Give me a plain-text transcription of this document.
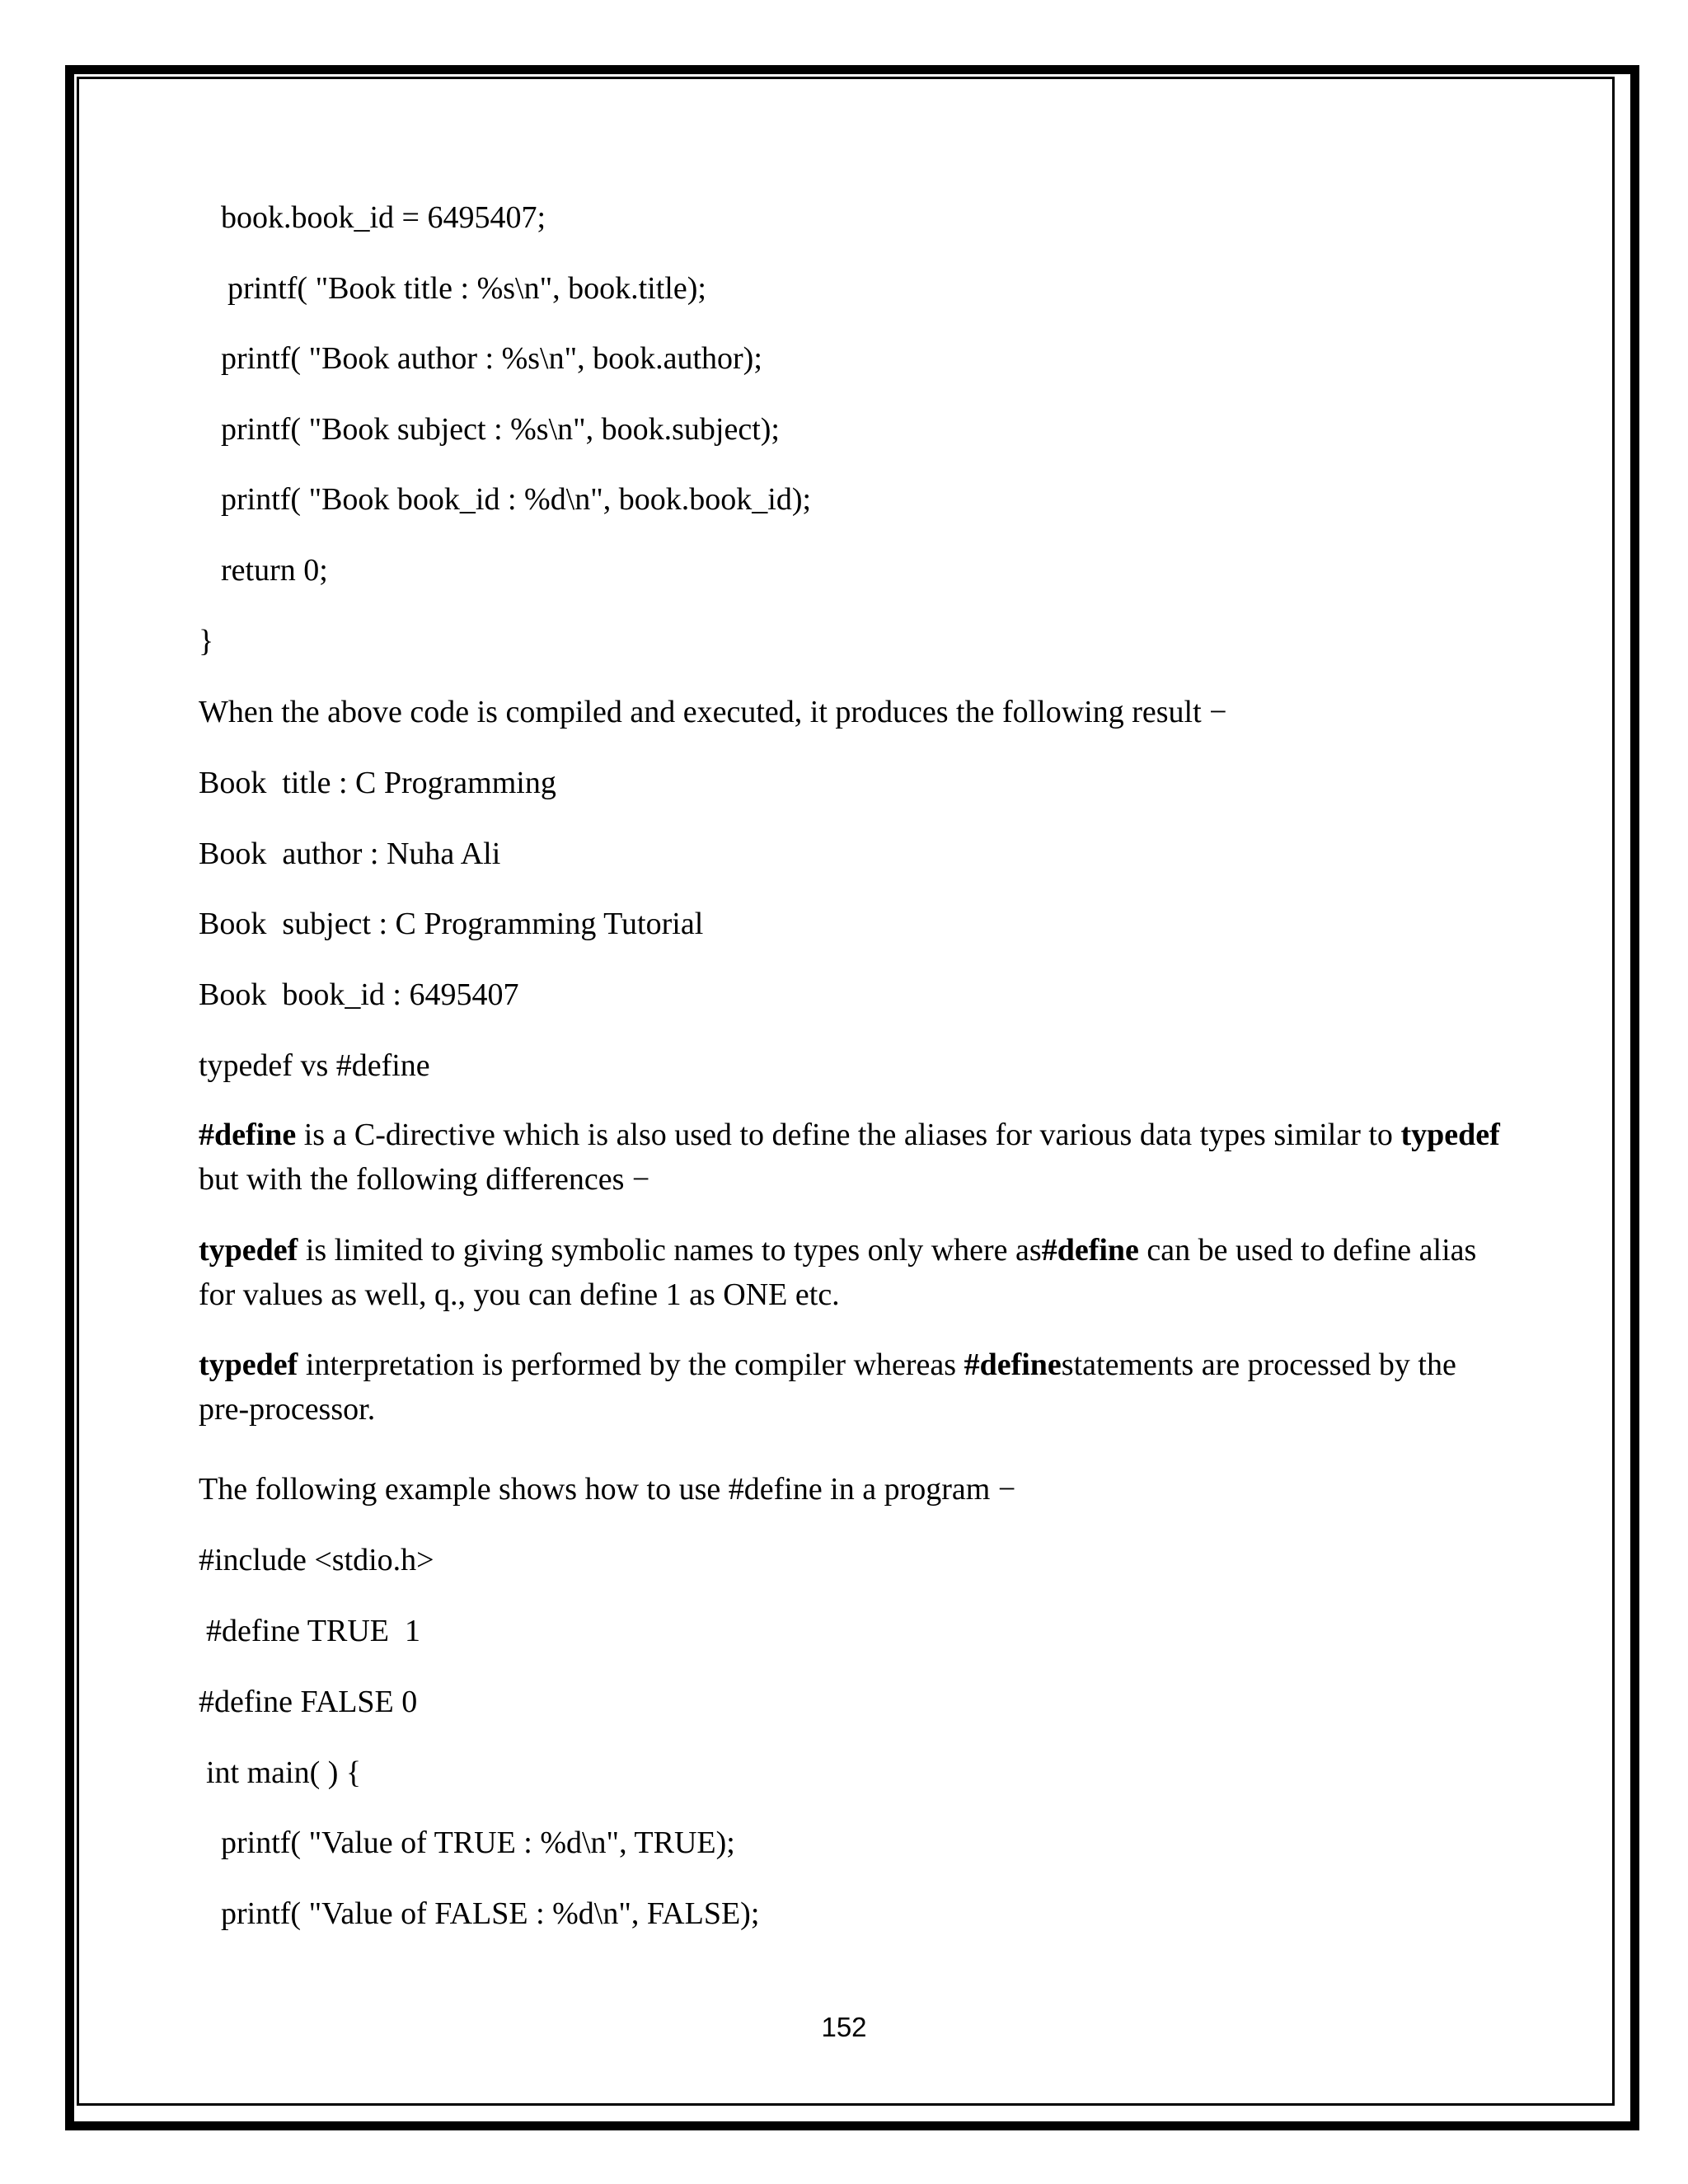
book.book_id = 6495407;
printf( "Book title : %s\n", book.title);
printf( "Book author : %s\n", book.author);
printf( "Book subject : %s\n", book.subject);
printf( "Book book_id : %d\n", book.book_id);
return 0;
}
When the above code is compiled and executed, it produces the following result −
Book  title : C Programming
Book  author : Nuha Ali
Book  subject : C Programming Tutorial
Book  book_id : 6495407
typedef vs #define
#define is a C-directive which is also used to define the aliases for various data types similar to typedef but with the following differences −
typedef is limited to giving symbolic names to types only where as#define can be used to define alias for values as well, q., you can define 1 as ONE etc.
typedef interpretation is performed by the compiler whereas #definestatements are processed by the pre-processor.
The following example shows how to use #define in a program −
#include <stdio.h>
#define TRUE  1
#define FALSE 0
int main( ) {
printf( "Value of TRUE : %d\n", TRUE);
printf( "Value of FALSE : %d\n", FALSE);
152
